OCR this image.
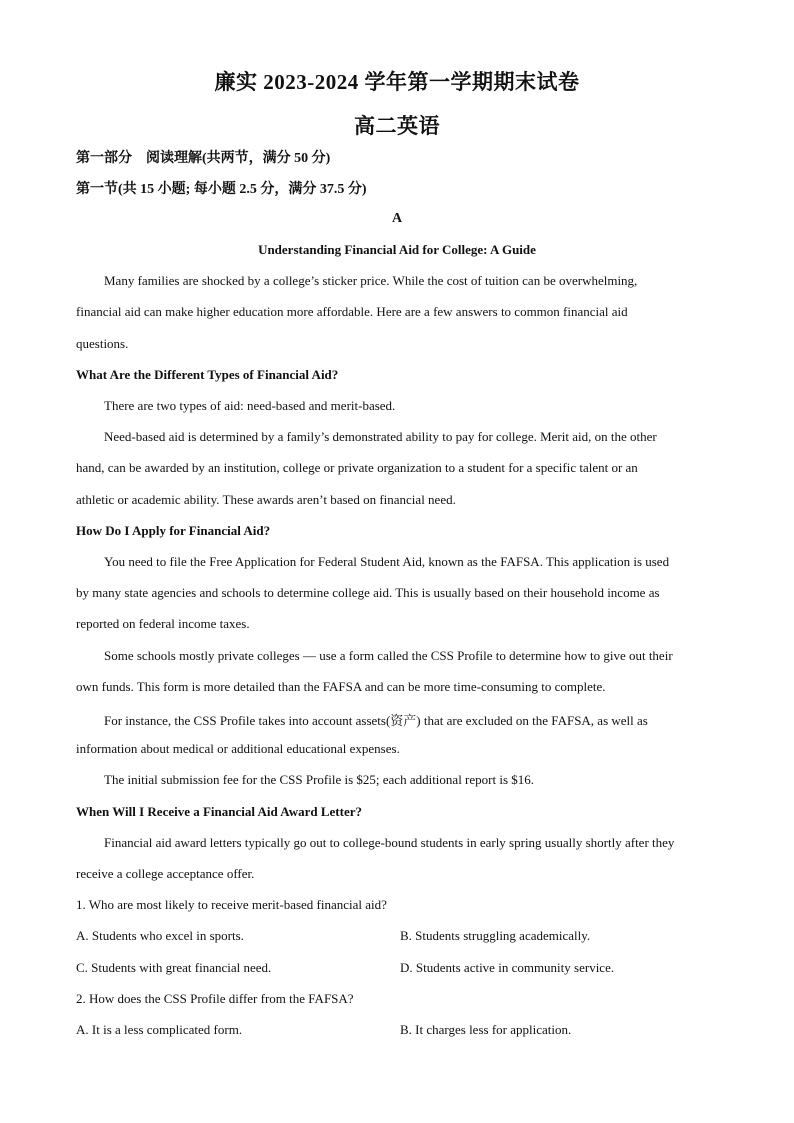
廉实 2023-2024 学年第一学期期末试卷
高二英语
第一部分　阅读理解(共两节，满分 50 分)
第一节(共 15 小题; 每小题 2.5 分，满分 37.5 分)
A
Understanding Financial Aid for College: A Guide
Many families are shocked by a college’s sticker price. While the cost of tuition can be overwhelming,
financial aid can make higher education more affordable. Here are a few answers to common financial aid
questions.
What Are the Different Types of Financial Aid?
There are two types of aid: need-based and merit-based.
Need-based aid is determined by a family’s demonstrated ability to pay for college. Merit aid, on the other
hand, can be awarded by an institution, college or private organization to a student for a specific talent or an
athletic or academic ability. These awards aren’t based on financial need.
How Do I Apply for Financial Aid?
You need to file the Free Application for Federal Student Aid, known as the FAFSA. This application is used
by many state agencies and schools to determine college aid. This is usually based on their household income as
reported on federal income taxes.
Some schools mostly private colleges — use a form called the CSS Profile to determine how to give out their
own funds. This form is more detailed than the FAFSA and can be more time-consuming to complete.
For instance, the CSS Profile takes into account assets(资产) that are excluded on the FAFSA, as well as
information about medical or additional educational expenses.
The initial submission fee for the CSS Profile is $25; each additional report is $16.
When Will I Receive a Financial Aid Award Letter?
Financial aid award letters typically go out to college-bound students in early spring usually shortly after they
receive a college acceptance offer.
1. Who are most likely to receive merit-based financial aid?
A. Students who excel in sports.	B. Students struggling academically.
C. Students with great financial need.	D. Students active in community service.
2. How does the CSS Profile differ from the FAFSA?
A. It is a less complicated form.	B. It charges less for application.
